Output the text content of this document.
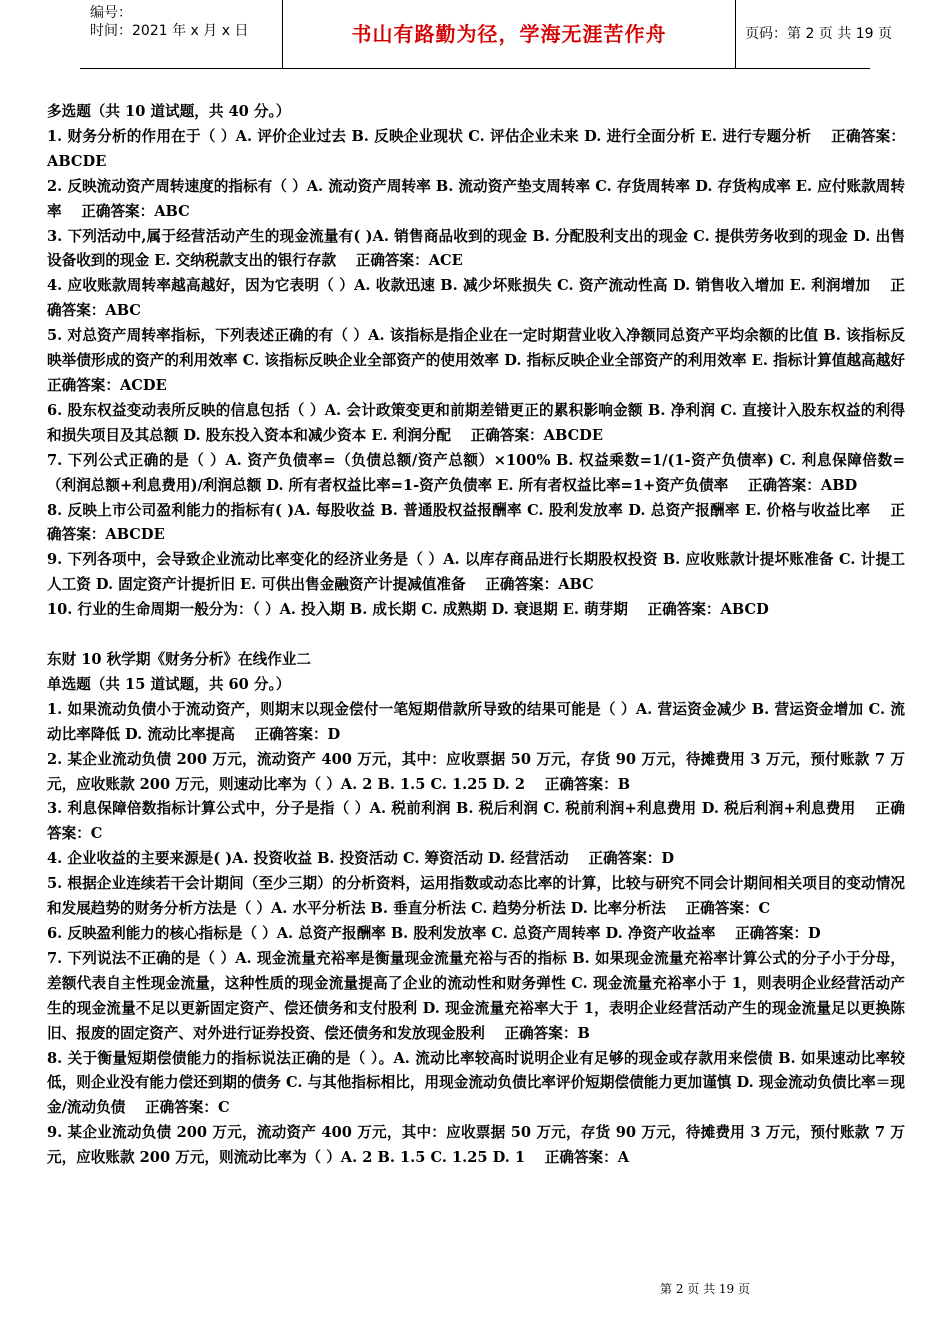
编号：
时间：2021 年 x 月 x 日	书山有路勤为径，学海无涯苦作舟	页码：第 2 页 共 19 页

多选题（共 10 道试题，共 40 分。）

1. 财务分析的作用在于（ ）A. 评价企业过去 B. 反映企业现状 C. 评估企业未来 D. 进行全面分析 E. 进行专题分析　 正确答案：ABCDE

2. 反映流动资产周转速度的指标有（ ）A. 流动资产周转率 B. 流动资产垫支周转率 C. 存货周转率 D. 存货构成率 E. 应付账款周转率　 正确答案：ABC

3. 下列活动中,属于经营活动产生的现金流量有( )A. 销售商品收到的现金 B. 分配股利支出的现金 C. 提供劳务收到的现金 D. 出售设备收到的现金 E. 交纳税款支出的银行存款　 正确答案：ACE

4. 应收账款周转率越高越好，因为它表明（ ）A. 收款迅速 B. 减少坏账损失 C. 资产流动性高 D. 销售收入增加 E. 利润增加　 正确答案：ABC

5. 对总资产周转率指标，下列表述正确的有（ ）A. 该指标是指企业在一定时期营业收入净额同总资产平均余额的比值 B. 该指标反映举债形成的资产的利用效率 C. 该指标反映企业全部资产的使用效率 D. 指标反映企业全部资产的利用效率 E. 指标计算值越高越好　 正确答案：ACDE

6. 股东权益变动表所反映的信息包括（ ）A. 会计政策变更和前期差错更正的累积影响金额 B. 净利润 C. 直接计入股东权益的利得和损失项目及其总额 D. 股东投入资本和减少资本 E. 利润分配　 正确答案：ABCDE

7. 下列公式正确的是（ ）A. 资产负债率=（负债总额/资产总额）×100% B. 权益乘数=1/(1-资产负债率) C. 利息保障倍数=（利润总额+利息费用)/利润总额 D. 所有者权益比率=1-资产负债率 E. 所有者权益比率=1+资产负债率　 正确答案：ABD

8. 反映上市公司盈利能力的指标有( )A. 每股收益 B. 普通股权益报酬率 C. 股利发放率 D. 总资产报酬率 E. 价格与收益比率　 正确答案：ABCDE

9. 下列各项中，会导致企业流动比率变化的经济业务是（ ）A. 以库存商品进行长期股权投资 B. 应收账款计提坏账准备 C. 计提工人工资 D. 固定资产计提折旧 E. 可供出售金融资产计提减值准备　 正确答案：ABC

10. 行业的生命周期一般分为：（ ）A. 投入期 B. 成长期 C. 成熟期 D. 衰退期 E. 萌芽期　 正确答案：ABCD

东财 10 秋学期《财务分析》在线作业二

单选题（共 15 道试题，共 60 分。）

1. 如果流动负债小于流动资产，则期末以现金偿付一笔短期借款所导致的结果可能是（ ）A. 营运资金减少 B. 营运资金增加 C. 流动比率降低 D. 流动比率提高　 正确答案：D

2. 某企业流动负债 200 万元，流动资产 400 万元，其中：应收票据 50 万元，存货 90 万元，待摊费用 3 万元，预付账款 7 万元，应收账款 200 万元，则速动比率为（ ）A. 2 B. 1.5 C. 1.25 D. 2　 正确答案：B

3. 利息保障倍数指标计算公式中，分子是指（ ）A. 税前利润 B. 税后利润 C. 税前利润+利息费用 D. 税后利润+利息费用　 正确答案：C

4. 企业收益的主要来源是( )A. 投资收益 B. 投资活动 C. 筹资活动 D. 经营活动　 正确答案：D

5. 根据企业连续若干会计期间（至少三期）的分析资料，运用指数或动态比率的计算，比较与研究不同会计期间相关项目的变动情况和发展趋势的财务分析方法是（ ）A. 水平分析法 B. 垂直分析法 C. 趋势分析法 D. 比率分析法　 正确答案：C

6. 反映盈利能力的核心指标是（ ）A. 总资产报酬率 B. 股利发放率 C. 总资产周转率 D. 净资产收益率　 正确答案：D

7. 下列说法不正确的是（ ）A. 现金流量充裕率是衡量现金流量充裕与否的指标 B. 如果现金流量充裕率计算公式的分子小于分母，差额代表自主性现金流量，这种性质的现金流量提高了企业的流动性和财务弹性 C. 现金流量充裕率小于 1，则表明企业经营活动产生的现金流量不足以更新固定资产、偿还债务和支付股利 D. 现金流量充裕率大于 1，表明企业经营活动产生的现金流量足以更换陈旧、报废的固定资产、对外进行证券投资、偿还债务和发放现金股利　 正确答案：B

8. 关于衡量短期偿债能力的指标说法正确的是（ ）。A. 流动比率较高时说明企业有足够的现金或存款用来偿债 B. 如果速动比率较低，则企业没有能力偿还到期的债务 C. 与其他指标相比，用现金流动负债比率评价短期偿债能力更加谨慎 D. 现金流动负债比率＝现金/流动负债　 正确答案：C

9. 某企业流动负债 200 万元，流动资产 400 万元，其中：应收票据 50 万元，存货 90 万元，待摊费用 3 万元，预付账款 7 万元，应收账款 200 万元，则流动比率为（ ）A. 2 B. 1.5 C. 1.25 D. 1　 正确答案：A

第 2 页 共 19 页
